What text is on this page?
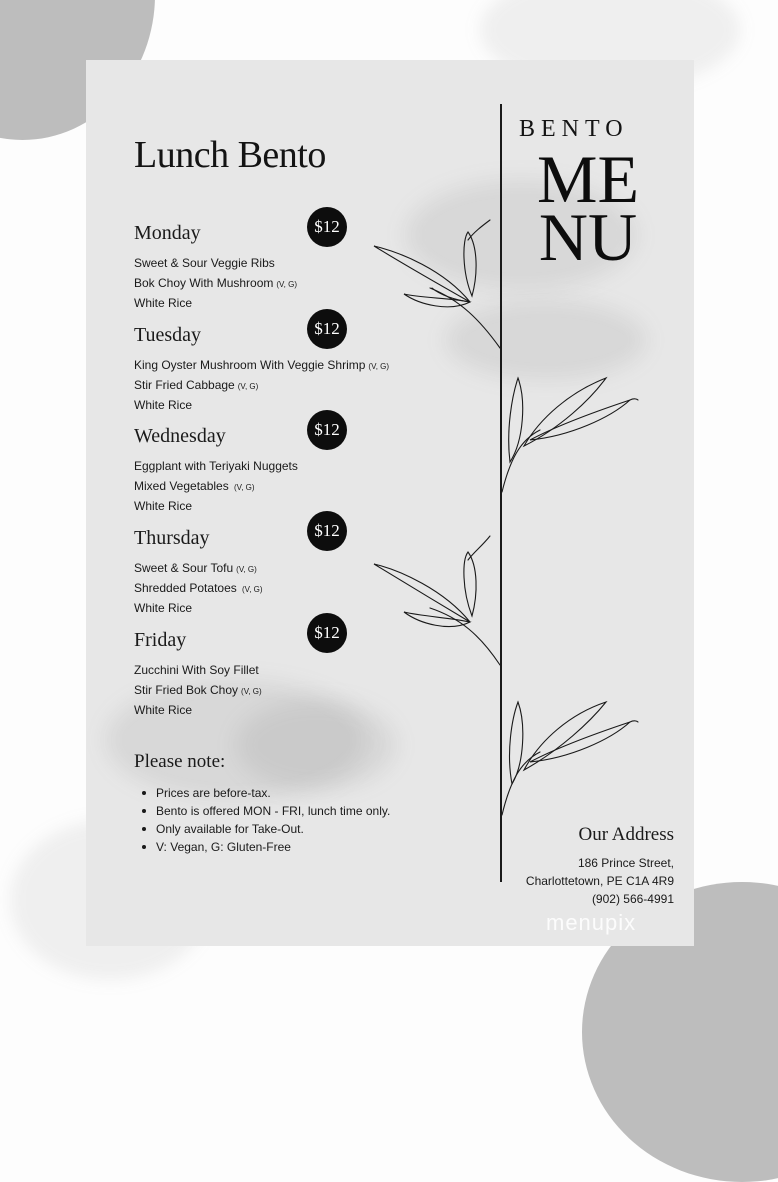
Lunch Bento
Monday	$12
Sweet & Sour Veggie Ribs
Bok Choy With Mushroom (V, G)
White Rice
Tuesday	$12
King Oyster Mushroom With Veggie Shrimp (V, G)
Stir Fried Cabbage (V, G)
White Rice
Wednesday	$12
Eggplant with Teriyaki Nuggets
Mixed Vegetables (V, G)
White Rice
Thursday	$12
Sweet & Sour Tofu (V, G)
Shredded Potatoes (V, G)
White Rice
Friday	$12
Zucchini With Soy Fillet
Stir Fried Bok Choy (V, G)
White Rice
Please note:
Prices are before-tax.
Bento is offered MON - FRI, lunch time only.
Only available for Take-Out.
V: Vegan, G: Gluten-Free
BENTO
ME
NU
Our Address
186 Prince Street,
Charlottetown, PE C1A 4R9
(902) 566-4991
menupix
